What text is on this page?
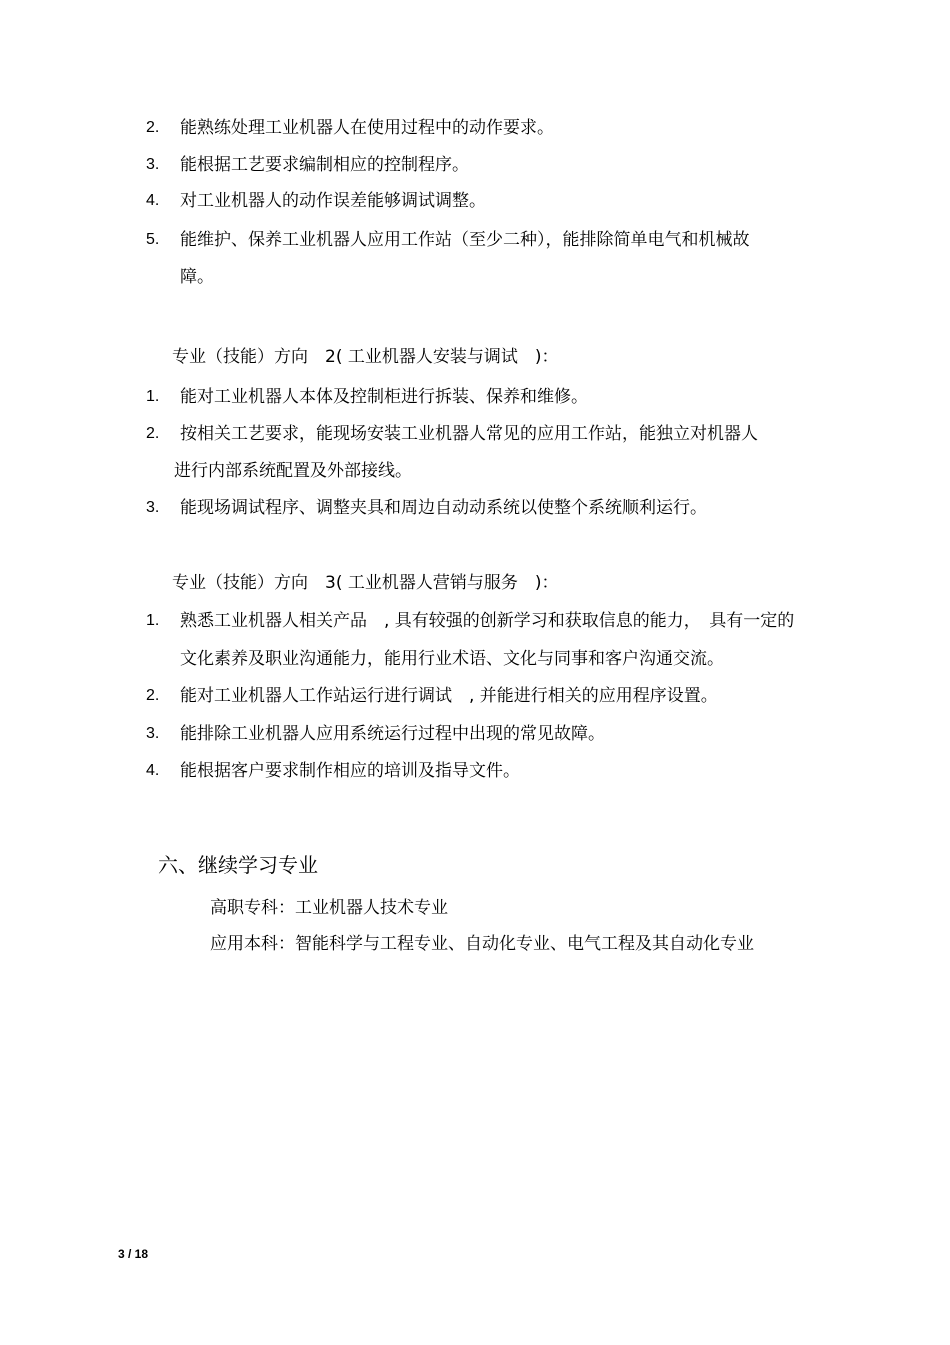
2. 能熟练处理工业机器人在使用过程中的动作要求。
3. 能根据工艺要求编制相应的控制程序。
4. 对工业机器人的动作误差能够调试调整。
5. 能维护、保养工业机器人应用工作站（至少二种），能排除简单电气和机械故
障。
专业（技能）方向　2( 工业机器人安装与调试　)：
1. 能对工业机器人本体及控制柜进行拆装、保养和维修。
2. 按相关工艺要求，能现场安装工业机器人常见的应用工作站，能独立对机器人
进行内部系统配置及外部接线。
3. 能现场调试程序、调整夹具和周边自动动系统以使整个系统顺利运行。
专业（技能）方向　3( 工业机器人营销与服务　)：
1. 熟悉工业机器人相关产品　, 具有较强的创新学习和获取信息的能力，　具有一定的
文化素养及职业沟通能力，能用行业术语、文化与同事和客户沟通交流。
2. 能对工业机器人工作站运行进行调试　, 并能进行相关的应用程序设置。
3. 能排除工业机器人应用系统运行过程中出现的常见故障。
4. 能根据客户要求制作相应的培训及指导文件。
六、继续学习专业
高职专科：工业机器人技术专业
应用本科：智能科学与工程专业、自动化专业、电气工程及其自动化专业
3 / 18
